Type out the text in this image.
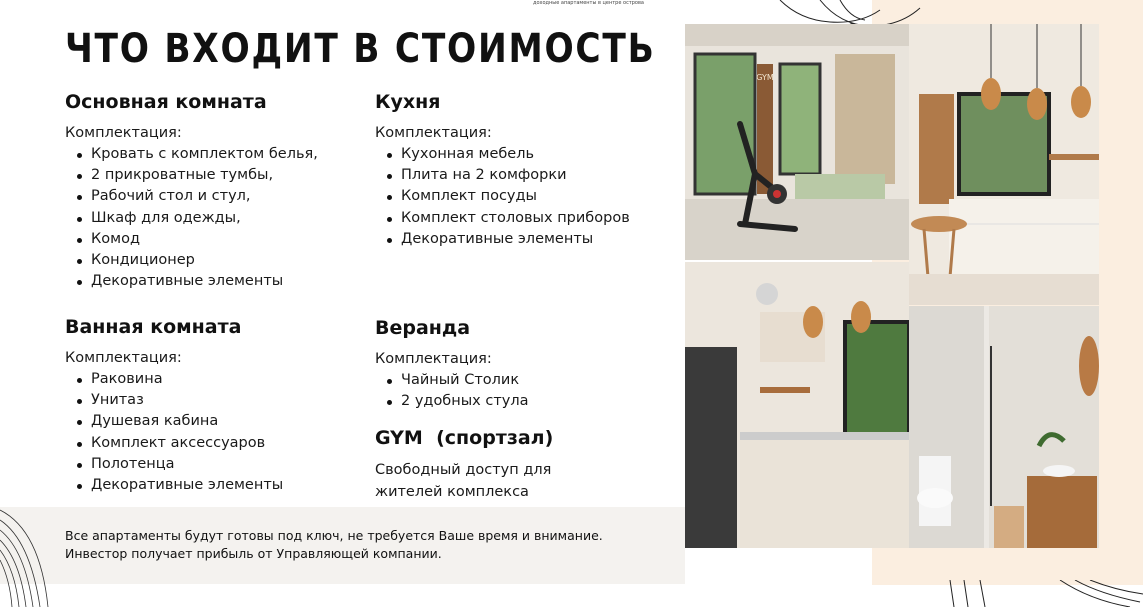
доходные апартаменты в центре острова
ЧТО ВХОДИТ В СТОИМОСТЬ
Основная комната

Комплектация:

Кровать с комплектом белья,
2 прикроватные тумбы,
Рабочий стол и стул,
Шкаф для одежды,
Комод
Кондиционер
Декоративные элементы
Кухня

Комплектация:

Кухонная мебель
Плита на 2 комфорки
Комплект посуды
Комплект столовых приборов
Декоративные элементы
Ванная комната

Комплектация:

Раковина
Унитаз
Душевая кабина
Комплект аксессуаров
Полотенца
Декоративные элементы
Веранда

Комплектация:

Чайный Столик
2 удобных стула
GYM  (спортзал)

Свободный доступ для жителей комплекса

Все апартаменты будут готовы под ключ, не требуется Ваше время и внимание.
Инвестор получает прибыль от Управляющей компании.
GYM
